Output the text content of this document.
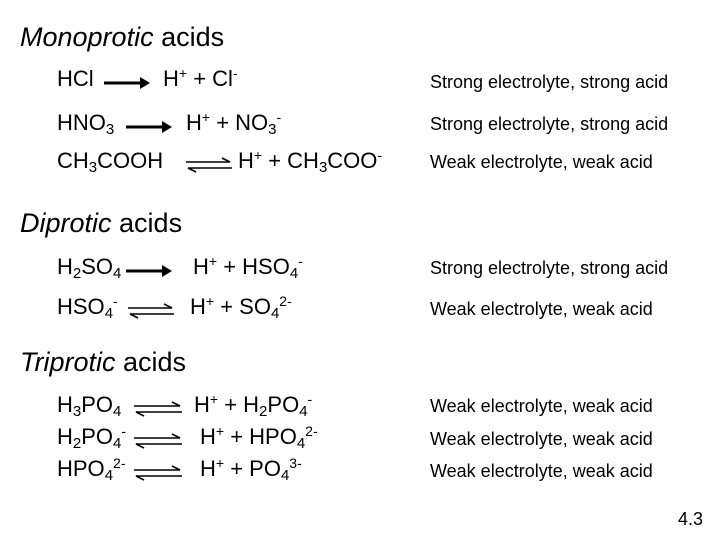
Monoprotic acids
Diprotic acids
Triprotic acids
HCl	H+ + Cl-	Strong electrolyte, strong acid
$HNO_3$	$H^+ + NO_3^-$	Strong electrolyte, strong acid
$CH_3COOH$ ⇌ $H^+ + CH_3COO^-$	Weak electrolyte, weak acid
$H_2SO_4$	$H^+ + HSO_4^-$	Strong electrolyte, strong acid
$HSO_4^-$ ⇌ $H^+ + SO_4^{2-}$	Weak electrolyte, weak acid
$H_3PO_4$ ⇌ $H^+ + H_2PO_4^-$	Weak electrolyte, weak acid
$H_2PO_4^-$ ⇌ $H^+ + HPO_4^{2-}$	Weak electrolyte, weak acid
$HPO_4^{2-}$ ⇌ $H^+ + PO_4^{3-}$	Weak electrolyte, weak acid
4.3
